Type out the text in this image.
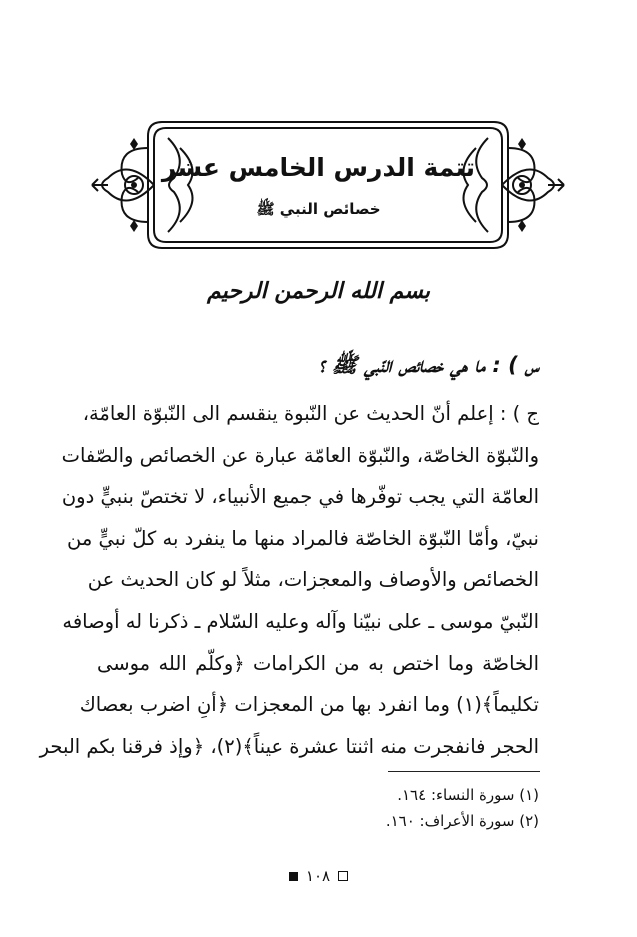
تتمة الدرس الخامس عشر
خصائص النبي ﷺ
بسم الله الرحمن الرحيم
س ) : ما هي خصائص النّبي ﷺ ؟
ج ) : إعلم أنّ الحديث عن النّبوة ينقسم الى النّبوّة العامّة،
والنّبوّة الخاصّة، والنّبوّة العامّة عبارة عن الخصائص والصّفات
العامّة التي يجب توفّرها في جميع الأنبياء، لا تختصّ بنبيٍّ دون
نبيّ، وأمّا النّبوّة الخاصّة فالمراد منها ما ينفرد به كلّ نبيٍّ من
الخصائص والأوصاف والمعجزات، مثلاً لو كان الحديث عن
النّبيّ موسى ـ على نبيّنا وآله وعليه السّلام ـ ذكرنا له أوصافه
الخاصّة وما اختص به من الكرامات ﴿وكلّم الله موسى
تكليماً﴾(١) وما انفرد بها من المعجزات ﴿أنِ اضرب بعصاك
الحجر فانفجرت منه اثنتا عشرة عيناً﴾(٢)، ﴿وإذ فرقنا بكم البحر
(١) سورة النساء: ١٦٤.
(٢) سورة الأعراف: ١٦٠.
١٠٨
